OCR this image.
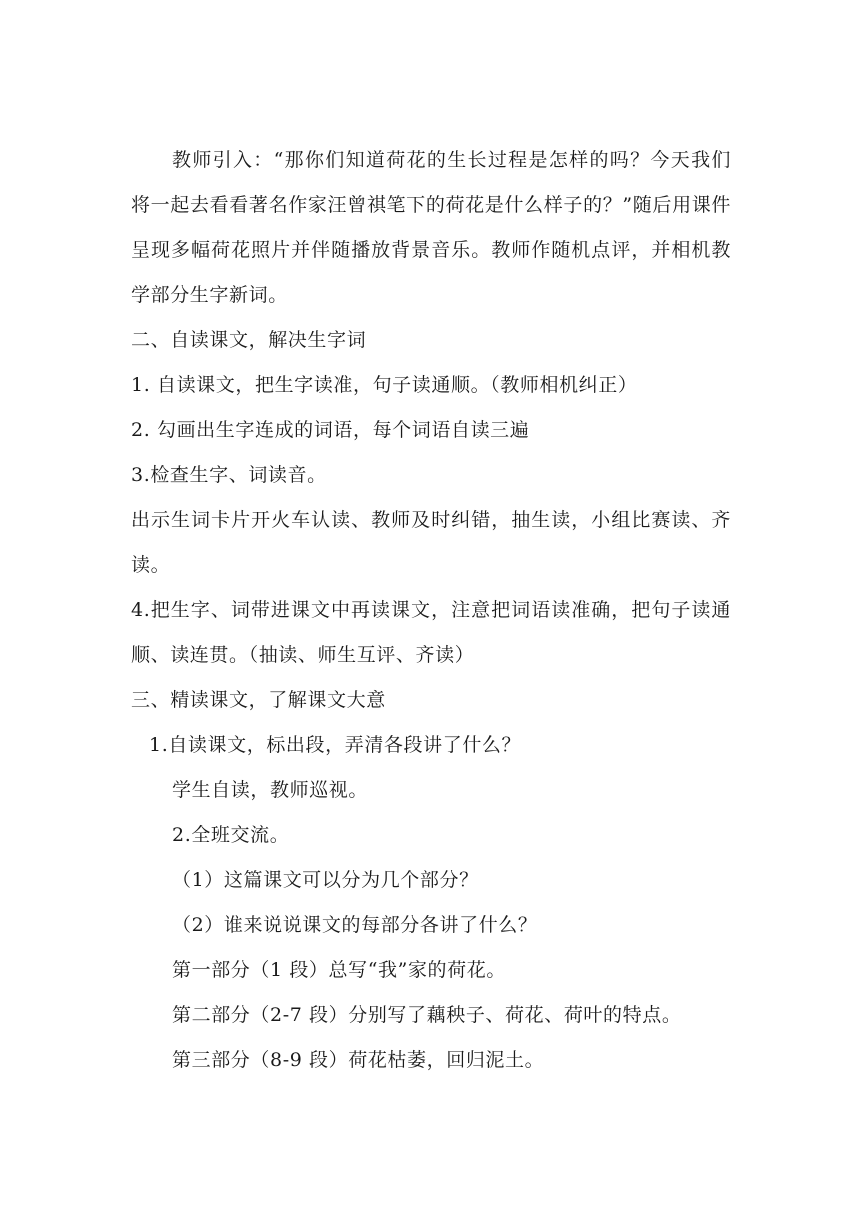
教师引入：“那你们知道荷花的生长过程是怎样的吗？今天我们将一起去看看著名作家汪曾祺笔下的荷花是什么样子的？”随后用课件呈现多幅荷花照片并伴随播放背景音乐。教师作随机点评，并相机教学部分生字新词。

二、自读课文，解决生字词
1. 自读课文，把生字读准，句子读通顺。（教师相机纠正）
2. 勾画出生字连成的词语，每个词语自读三遍
3.检查生字、词读音。

出示生词卡片开火车认读、教师及时纠错，抽生读，小组比赛读、齐读。

4.把生字、词带进课文中再读课文，注意把词语读准确，把句子读通顺、读连贯。（抽读、师生互评、齐读）

三、精读课文，了解课文大意
1.自读课文，标出段，弄清各段讲了什么？
学生自读，教师巡视。
2.全班交流。
（1）这篇课文可以分为几个部分？
（2）谁来说说课文的每部分各讲了什么？
第一部分（1 段）总写“我”家的荷花。
第二部分（2-7 段）分别写了藕秧子、荷花、荷叶的特点。
第三部分（8-9 段）荷花枯萎，回归泥土。
